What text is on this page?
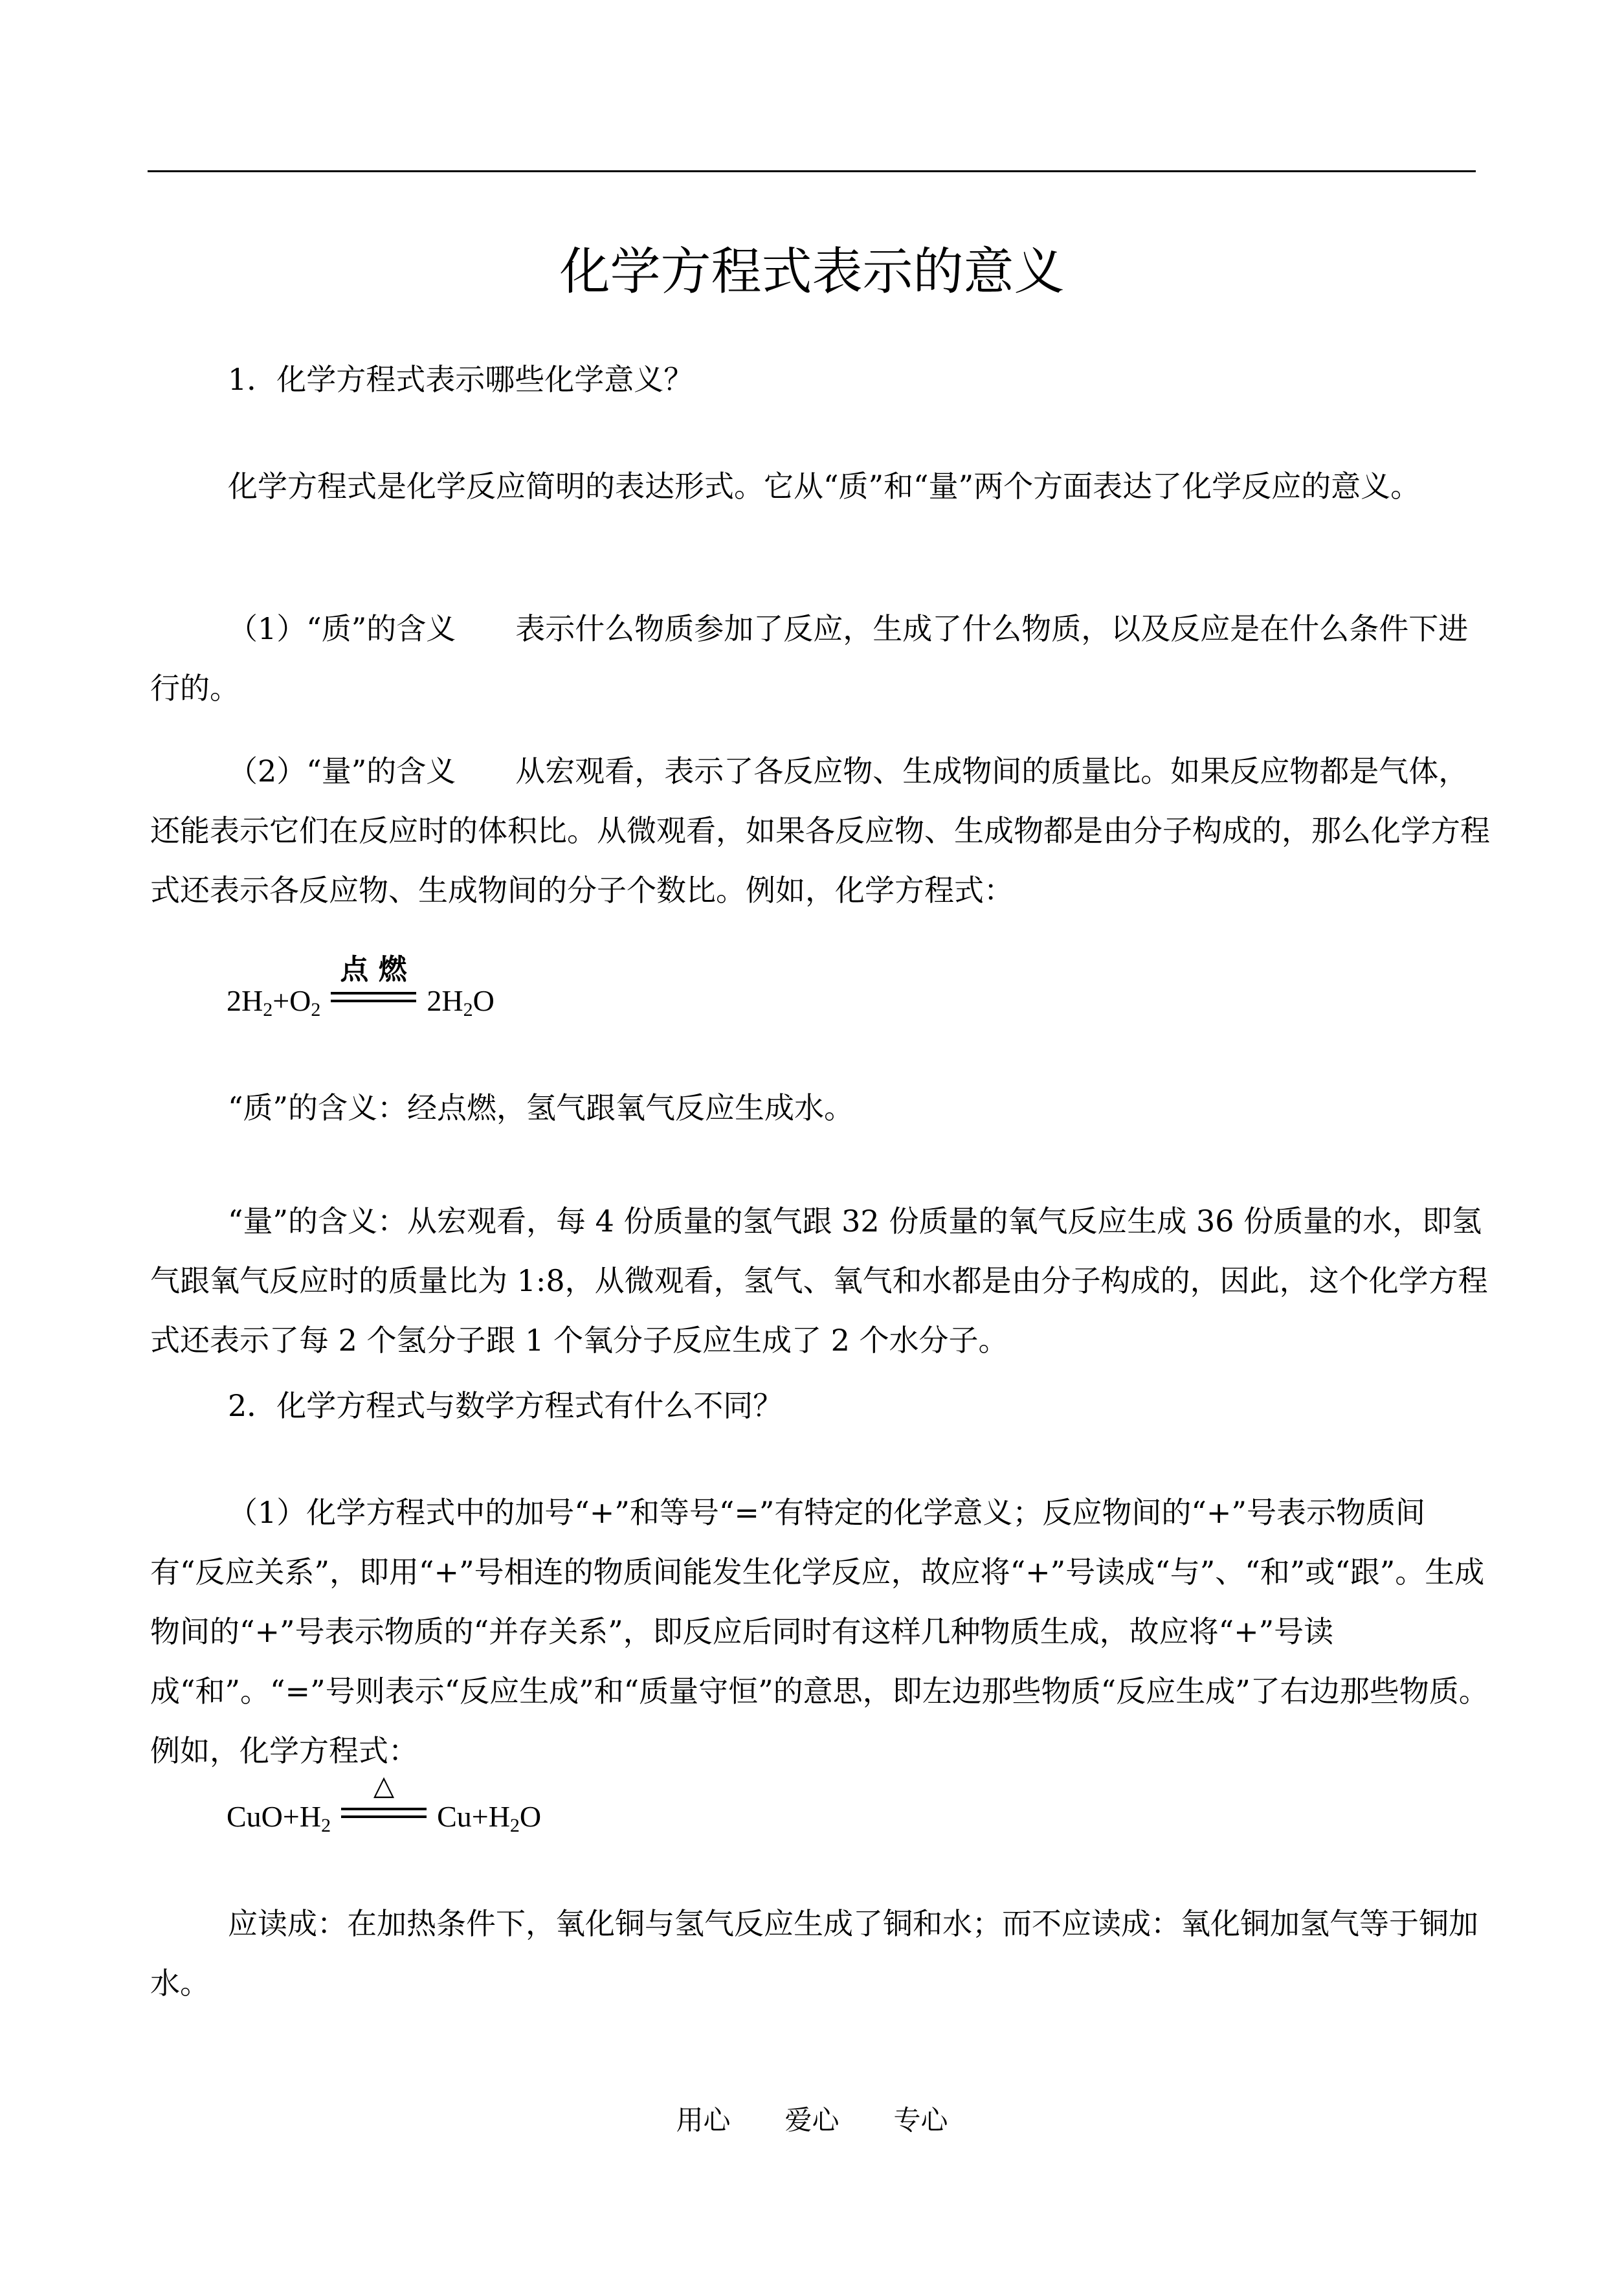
化学方程式表示的意义

1．化学方程式表示哪些化学意义？

化学方程式是化学反应简明的表达形式。它从“质”和“量”两个方面表达了化学反应的意义。

（1）“质”的含义　　表示什么物质参加了反应，生成了什么物质，以及反应是在什么条件下进行的。

（2）“量”的含义　　从宏观看，表示了各反应物、生成物间的质量比。如果反应物都是气体，还能表示它们在反应时的体积比。从微观看，如果各反应物、生成物都是由分子构成的，那么化学方程式还表示各反应物、生成物间的分子个数比。例如，化学方程式：

$2H_2+O_2$
点 燃
$2H_2O$

“质”的含义：经点燃，氢气跟氧气反应生成水。

“量”的含义：从宏观看，每 4 份质量的氢气跟 32 份质量的氧气反应生成 36 份质量的水，即氢气跟氧气反应时的质量比为 1:8，从微观看，氢气、氧气和水都是由分子构成的，因此，这个化学方程式还表示了每 2 个氢分子跟 1 个氧分子反应生成了 2 个水分子。

2．化学方程式与数学方程式有什么不同？

（1）化学方程式中的加号“+”和等号“=”有特定的化学意义；反应物间的“+”号表示物质间有“反应关系”，即用“+”号相连的物质间能发生化学反应，故应将“+”号读成“与”、“和”或“跟”。生成物间的“+”号表示物质的“并存关系”，即反应后同时有这样几种物质生成，故应将“+”号读成“和”。“=”号则表示“反应生成”和“质量守恒”的意思，即左边那些物质“反应生成”了右边那些物质。例如，化学方程式：

$CuO+H_2$
△
$Cu+H_2O$

应读成：在加热条件下，氧化铜与氢气反应生成了铜和水；而不应读成：氧化铜加氢气等于铜加水。

用心　　爱心　　专心
